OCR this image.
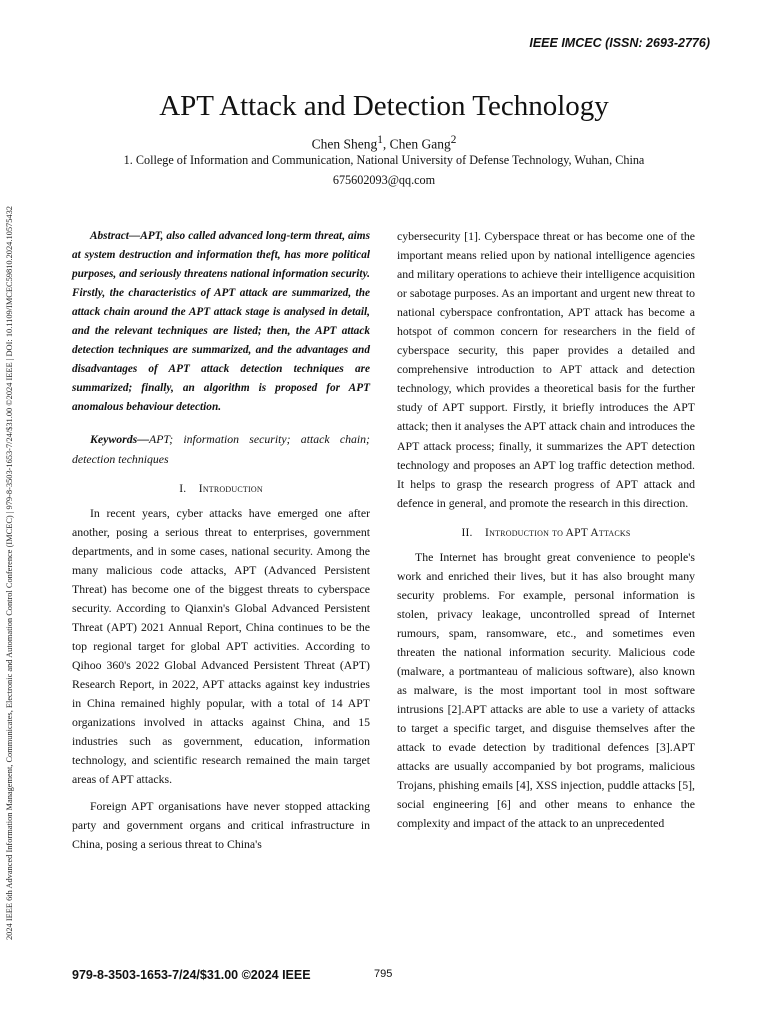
IEEE IMCEC (ISSN: 2693-2776)
2024 IEEE 6th Advanced Information Management, Communicates, Electronic and Automation Control Conference (IMCEC) | 979-8-3503-1653-7/24/$31.00 ©2024 IEEE | DOI: 10.1109/IMCEC59810.2024.10575432
APT Attack and Detection Technology
Chen Sheng$^1$, Chen Gang$^2$
1. College of Information and Communication, National University of Defense Technology, Wuhan, China
675602093@qq.com

Abstract—APT, also called advanced long-term threat, aims at system destruction and information theft, has more political purposes, and seriously threatens national information security. Firstly, the characteristics of APT attack are summarized, the attack chain around the APT attack stage is analysed in detail, and the relevant techniques are listed; then, the APT attack detection techniques are summarized, and the advantages and disadvantages of APT attack detection techniques are summarized; finally, an algorithm is proposed for APT anomalous behaviour detection.

Keywords—APT; information security; attack chain; detection techniques

I.    Introduction

In recent years, cyber attacks have emerged one after another, posing a serious threat to enterprises, government departments, and in some cases, national security. Among the many malicious code attacks, APT (Advanced Persistent Threat) has become one of the biggest threats to cyberspace security. According to Qianxin's Global Advanced Persistent Threat (APT) 2021 Annual Report, China continues to be the top regional target for global APT activities. According to Qihoo 360's 2022 Global Advanced Persistent Threat (APT) Research Report, in 2022, APT attacks against key industries in China remained highly popular, with a total of 14 APT organizations involved in attacks against China, and 15 industries such as government, education, information technology, and scientific research remained the main target areas of APT attacks.

Foreign APT organisations have never stopped attacking party and government organs and critical infrastructure in China, posing a serious threat to China's

cybersecurity [1]. Cyberspace threat or has become one of the important means relied upon by national intelligence agencies and military operations to achieve their intelligence acquisition or sabotage purposes. As an important and urgent new threat to national cyberspace confrontation, APT attack has become a hotspot of common concern for researchers in the field of cyberspace security, this paper provides a detailed and comprehensive introduction to APT attack and detection technology, which provides a theoretical basis for the further study of APT support. Firstly, it briefly introduces the APT attack; then it analyses the APT attack chain and introduces the APT attack process; finally, it summarizes the APT detection technology and proposes an APT log traffic detection method. It helps to grasp the research progress of APT attack and defence in general, and promote the research in this direction.

II.    Introduction to APT Attacks

The Internet has brought great convenience to people's work and enriched their lives, but it has also brought many security problems. For example, personal information is stolen, privacy leakage, uncontrolled spread of Internet rumours, spam, ransomware, etc., and sometimes even threaten the national information security. Malicious code (malware, a portmanteau of malicious software), also known as malware, is the most important tool in most software intrusions [2].APT attacks are able to use a variety of attacks to target a specific target, and disguise themselves after the attack to evade detection by traditional defences [3].APT attacks are usually accompanied by bot programs, malicious Trojans, phishing emails [4], XSS injection, puddle attacks [5], social engineering [6] and other means to enhance the complexity and impact of the attack to an unprecedented

979-8-3503-1653-7/24/$31.00 ©2024 IEEE	795
